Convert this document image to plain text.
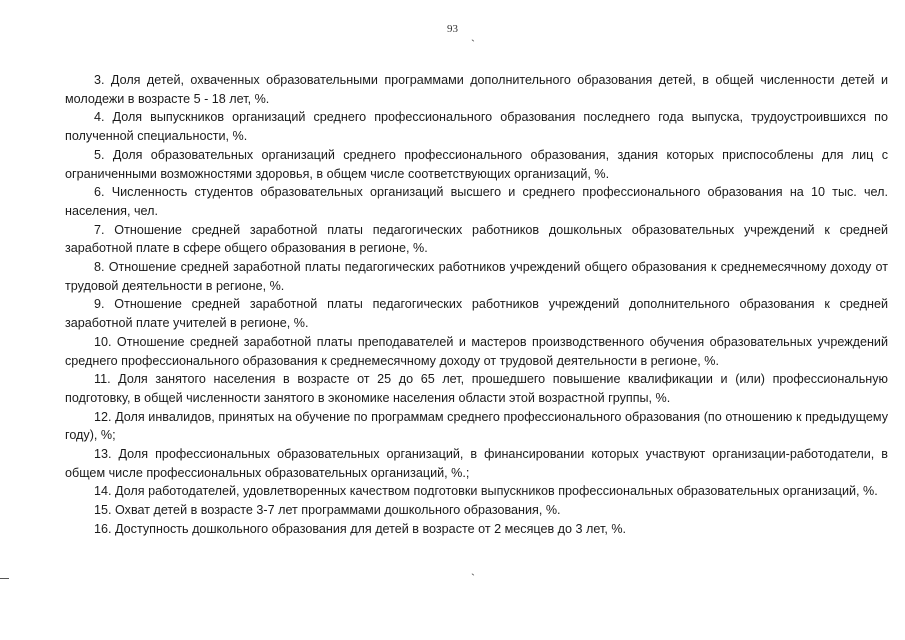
93
`

3. Доля детей, охваченных образовательными программами дополнительного образования детей, в общей численности детей и молодежи в возрасте 5 - 18 лет, %.

4. Доля выпускников организаций среднего профессионального образования последнего года выпуска, трудоустроившихся по полученной специальности, %.

5. Доля образовательных организаций среднего профессионального образования, здания которых приспособлены для лиц с ограниченными возможностями здоровья, в общем числе соответствующих организаций, %.

6. Численность студентов образовательных организаций высшего и среднего профессионального образования на 10 тыс. чел. населения, чел.

7. Отношение средней заработной платы педагогических работников дошкольных образовательных учреждений к средней заработной плате в сфере общего образования в регионе, %.

8. Отношение средней заработной платы педагогических работников учреждений общего образования к среднемесячному доходу от трудовой деятельности в регионе, %.

9. Отношение средней заработной платы педагогических работников учреждений дополнительного образования к средней заработной плате учителей в регионе, %.

10. Отношение средней заработной платы преподавателей и мастеров производственного обучения образовательных учреждений среднего профессионального образования к среднемесячному доходу от трудовой деятельности в регионе, %.

11. Доля занятого населения в возрасте от 25 до 65 лет, прошедшего повышение квалификации и (или) профессиональную подготовку, в общей численности занятого в экономике населения области этой возрастной группы, %.

12. Доля инвалидов, принятых на обучение по программам среднего профессионального образования (по отношению к предыдущему году), %;

13. Доля профессиональных образовательных организаций, в финансировании которых участвуют организации-работодатели, в общем числе профессиональных образовательных организаций, %.;

14. Доля работодателей, удовлетворенных качеством подготовки выпускников профессиональных образовательных организаций, %.

15. Охват детей в возрасте 3-7 лет программами дошкольного образования, %.

16. Доступность дошкольного образования для детей в возрасте от 2 месяцев до 3 лет, %.

`
